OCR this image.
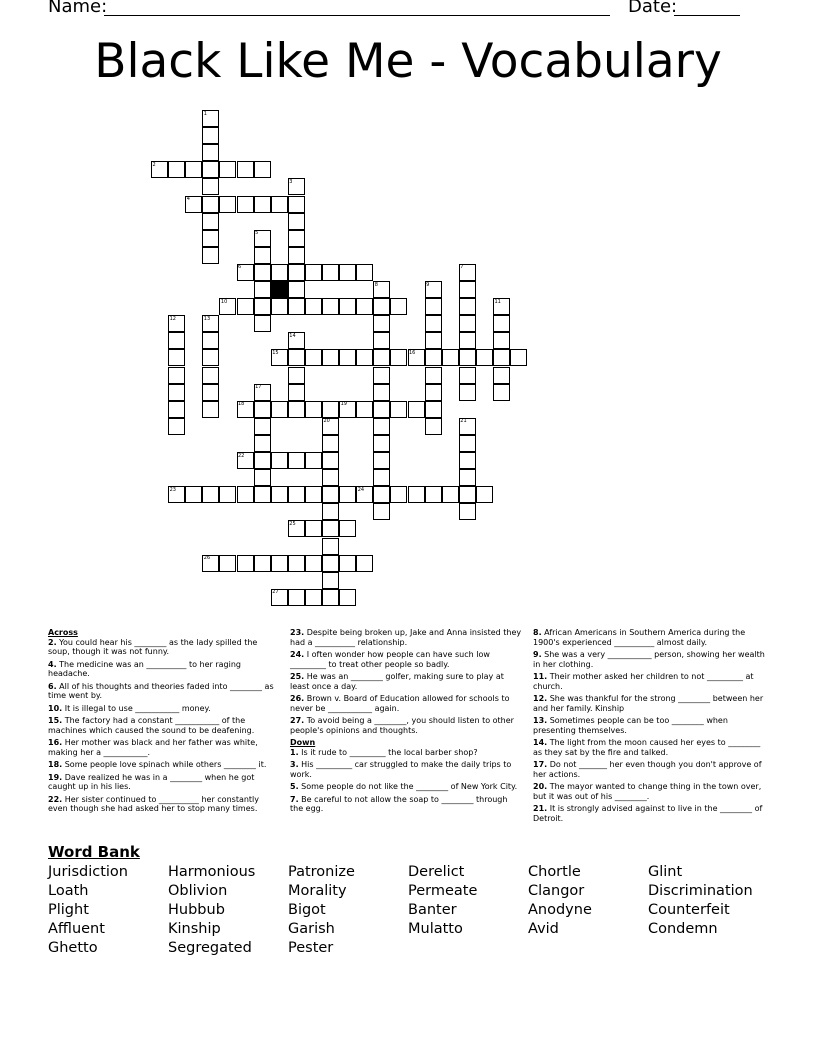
Name:	Date:
Black Like Me - Vocabulary
1
2
3
4
5
6	7
8	9
10	11
12	13
14
15	16
17
18	19
20	21
22
23	24
25
26
27
Across
2. You could hear his ________ as the lady spilled the soup, though it was not funny.
4. The medicine was an __________ to her raging headache.
6. All of his thoughts and theories faded into ________ as time went by.
10. It is illegal to use ___________ money.
15. The factory had a constant ___________ of the machines which caused the sound to be deafening.
16. Her mother was black and her father was white, making her a ___________.
18. Some people love spinach while others ________ it.
19. Dave realized he was in a ________ when he got caught up in his lies.
22. Her sister continued to __________ her constantly even though she had asked her to stop many times.
23. Despite being broken up, Jake and Anna insisted they had a __________ relationship.
24. I often wonder how people can have such low _________ to treat other people so badly.
25. He was an ________ golfer, making sure to play at least once a day.
26. Brown v. Board of Education allowed for schools to never be ___________ again.
27. To avoid being a ________, you should listen to other people's opinions and thoughts.
Down
1. Is it rude to _________ the local barber shop?
3. His _________ car struggled to make the daily trips to work.
5. Some people do not like the ________ of New York City.
7. Be careful to not allow the soap to ________ through the egg.
8. African Americans in Southern America during the 1900's experienced __________ almost daily.
9. She was a very ___________ person, showing her wealth in her clothing.
11. Their mother asked her children to not _________ at church.
12. She was thankful for the strong ________ between her and her family. Kinship
13. Sometimes people can be too ________ when presenting themselves.
14. The light from the moon caused her eyes to ________ as they sat by the fire and talked.
17. Do not _______ her even though you don't approve of her actions.
20. The mayor wanted to change thing in the town over, but it was out of his ________.
21. It is strongly advised against to live in the ________ of Detroit.
Word Bank
Jurisdiction
Loath
Plight
Affluent
Ghetto
Harmonious
Oblivion
Hubbub
Kinship
Segregated
Patronize
Morality
Bigot
Garish
Pester
Derelict
Permeate
Banter
Mulatto
Chortle
Clangor
Anodyne
Avid
Glint
Discrimination
Counterfeit
Condemn
